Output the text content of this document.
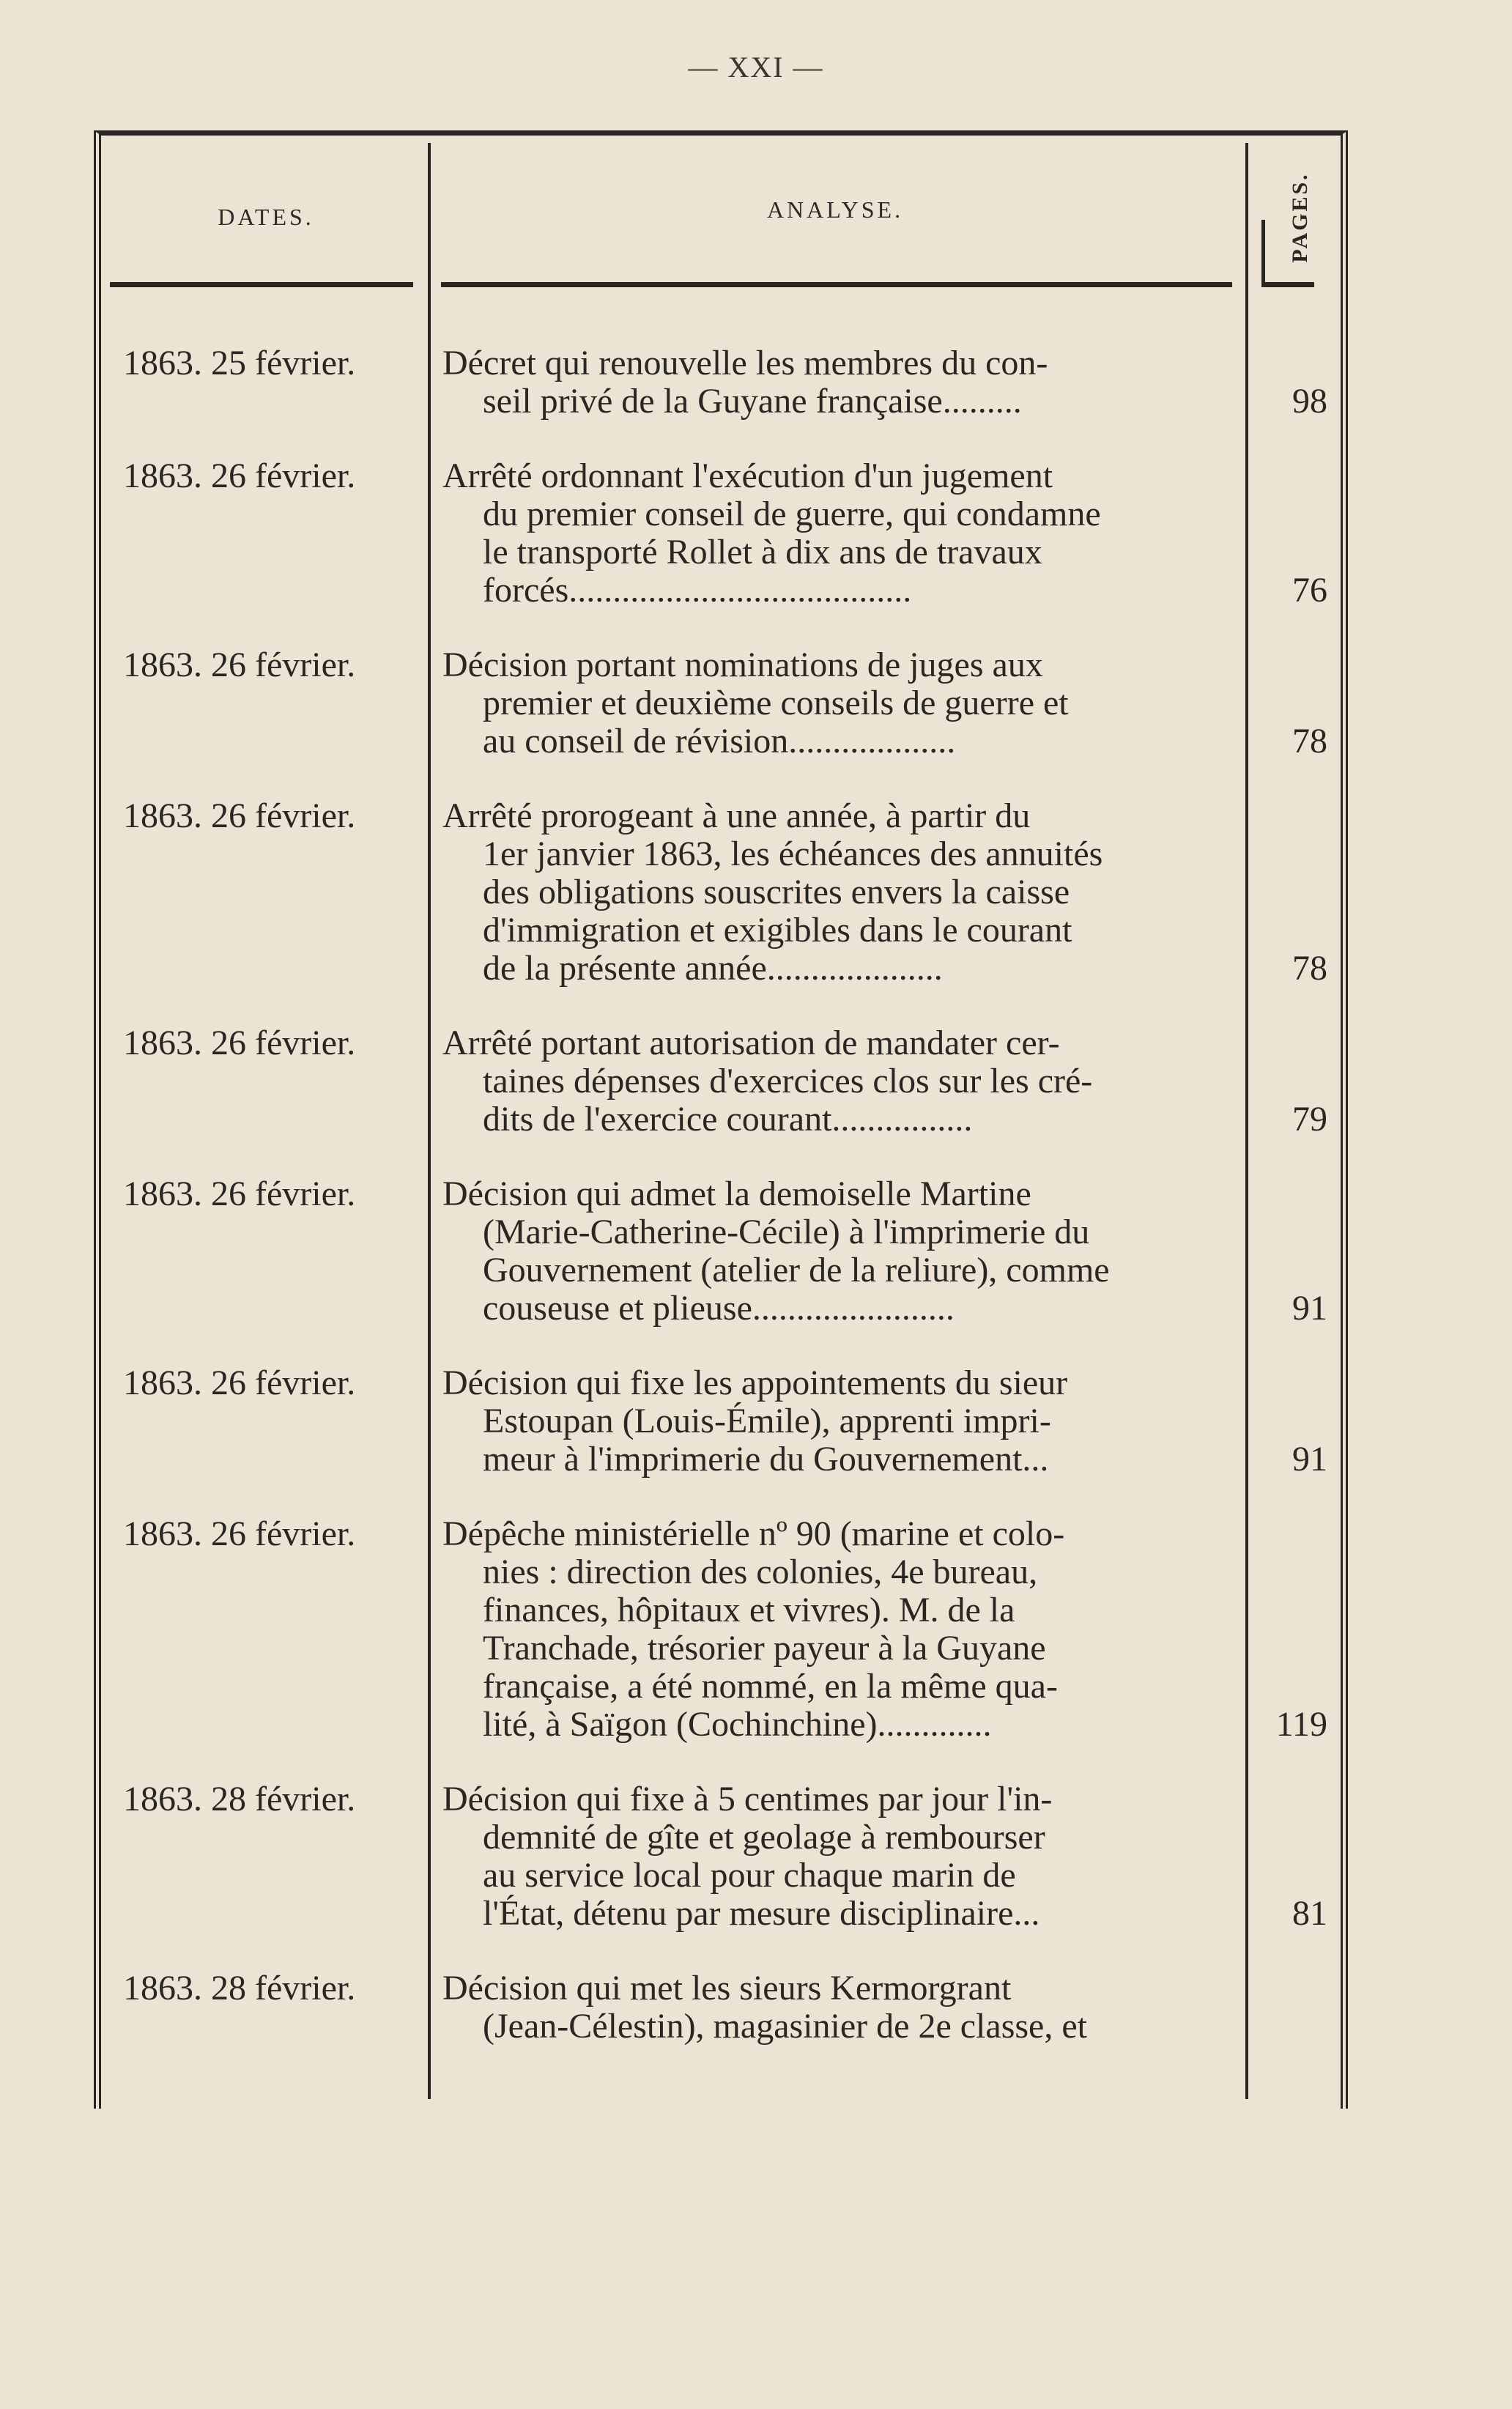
— XXI —
DATES.	ANALYSE.	PAGES.
1863. 25 février.	Décret qui renouvelle les membres du con-
seil privé de la Guyane française.........	98
1863. 26 février.	Arrêté ordonnant l'exécution d'un jugement
du premier conseil de guerre, qui condamne
le transporté Rollet à dix ans de travaux
forcés.......................................	76
1863. 26 février.	Décision portant nominations de juges aux
premier et deuxième conseils de guerre et
au conseil de révision...................	78
1863. 26 février.	Arrêté prorogeant à une année, à partir du
1er janvier 1863, les échéances des annuités
des obligations souscrites envers la caisse
d'immigration et exigibles dans le courant
de la présente année....................	78
1863. 26 février.	Arrêté portant autorisation de mandater cer-
taines dépenses d'exercices clos sur les cré-
dits de l'exercice courant................	79
1863. 26 février.	Décision qui admet la demoiselle Martine
(Marie-Catherine-Cécile) à l'imprimerie du
Gouvernement (atelier de la reliure), comme
couseuse et plieuse.......................	91
1863. 26 février.	Décision qui fixe les appointements du sieur
Estoupan (Louis-Émile), apprenti impri-
meur à l'imprimerie du Gouvernement...	91
1863. 26 février.	Dépêche ministérielle nº 90 (marine et colo-
nies : direction des colonies, 4e bureau,
finances, hôpitaux et vivres). M. de la
Tranchade, trésorier payeur à la Guyane
française, a été nommé, en la même qua-
lité, à Saïgon (Cochinchine).............	119
1863. 28 février.	Décision qui fixe à 5 centimes par jour l'in-
demnité de gîte et geolage à rembourser
au service local pour chaque marin de
l'État, détenu par mesure disciplinaire...	81
1863. 28 février.	Décision qui met les sieurs Kermorgrant
(Jean-Célestin), magasinier de 2e classe, et
